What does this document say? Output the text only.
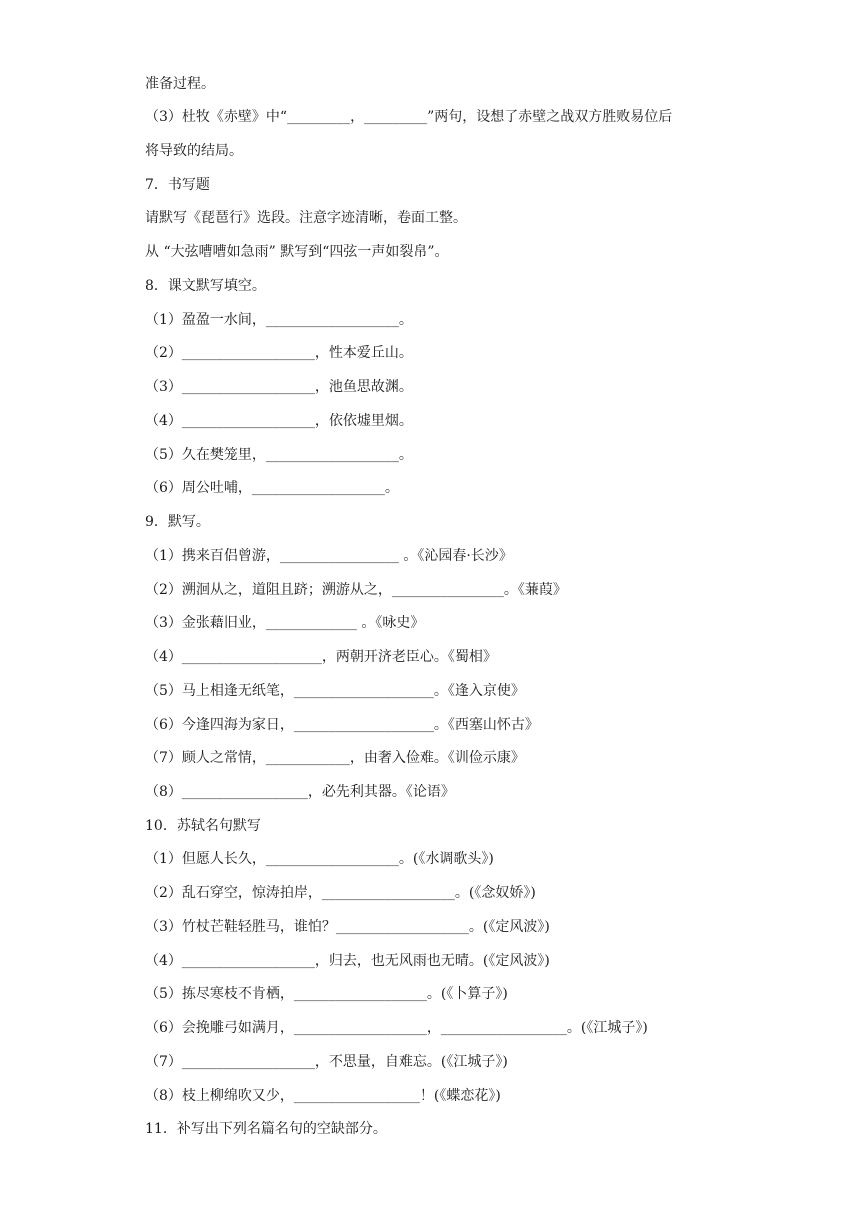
准备过程。
（3）杜牧《赤壁》中“_________，_________”两句，设想了赤壁之战双方胜败易位后
将导致的结局。
7．书写题
请默写《琵琶行》选段。注意字迹清晰，卷面工整。
从 “大弦嘈嘈如急雨” 默写到“四弦一声如裂帛”。
8．课文默写填空。
（1）盈盈一水间，___________________。
（2）___________________，性本爱丘山。
（3）___________________，池鱼思故渊。
（4）___________________，依依墟里烟。
（5）久在樊笼里，___________________。
（6）周公吐哺，___________________。
9．默写。
（1）携来百侣曾游，_________________ 。《沁园春·长沙》
（2）溯洄从之，道阻且跻；溯游从之，________________。《蒹葭》
（3）金张藉旧业，_____________ 。《咏史》
（4）____________________，两朝开济老臣心。《蜀相》
（5）马上相逢无纸笔，____________________。《逢入京使》
（6）今逢四海为家日，____________________。《西塞山怀古》
（7）顾人之常情，____________，由奢入俭难。《训俭示康》
（8）__________________，必先利其器。《论语》
10．苏轼名句默写
（1）但愿人长久，___________________。(《水调歌头》)
（2）乱石穿空，惊涛拍岸，___________________。(《念奴娇》)
（3）竹杖芒鞋轻胜马，谁怕？___________________。(《定风波》)
（4）___________________，归去，也无风雨也无晴。(《定风波》)
（5）拣尽寒枝不肯栖，___________________。(《卜算子》)
（6）会挽雕弓如满月，___________________，__________________。(《江城子》)
（7）___________________，不思量，自难忘。(《江城子》)
（8）枝上柳绵吹又少，__________________！(《蝶恋花》)
11．补写出下列名篇名句的空缺部分。
